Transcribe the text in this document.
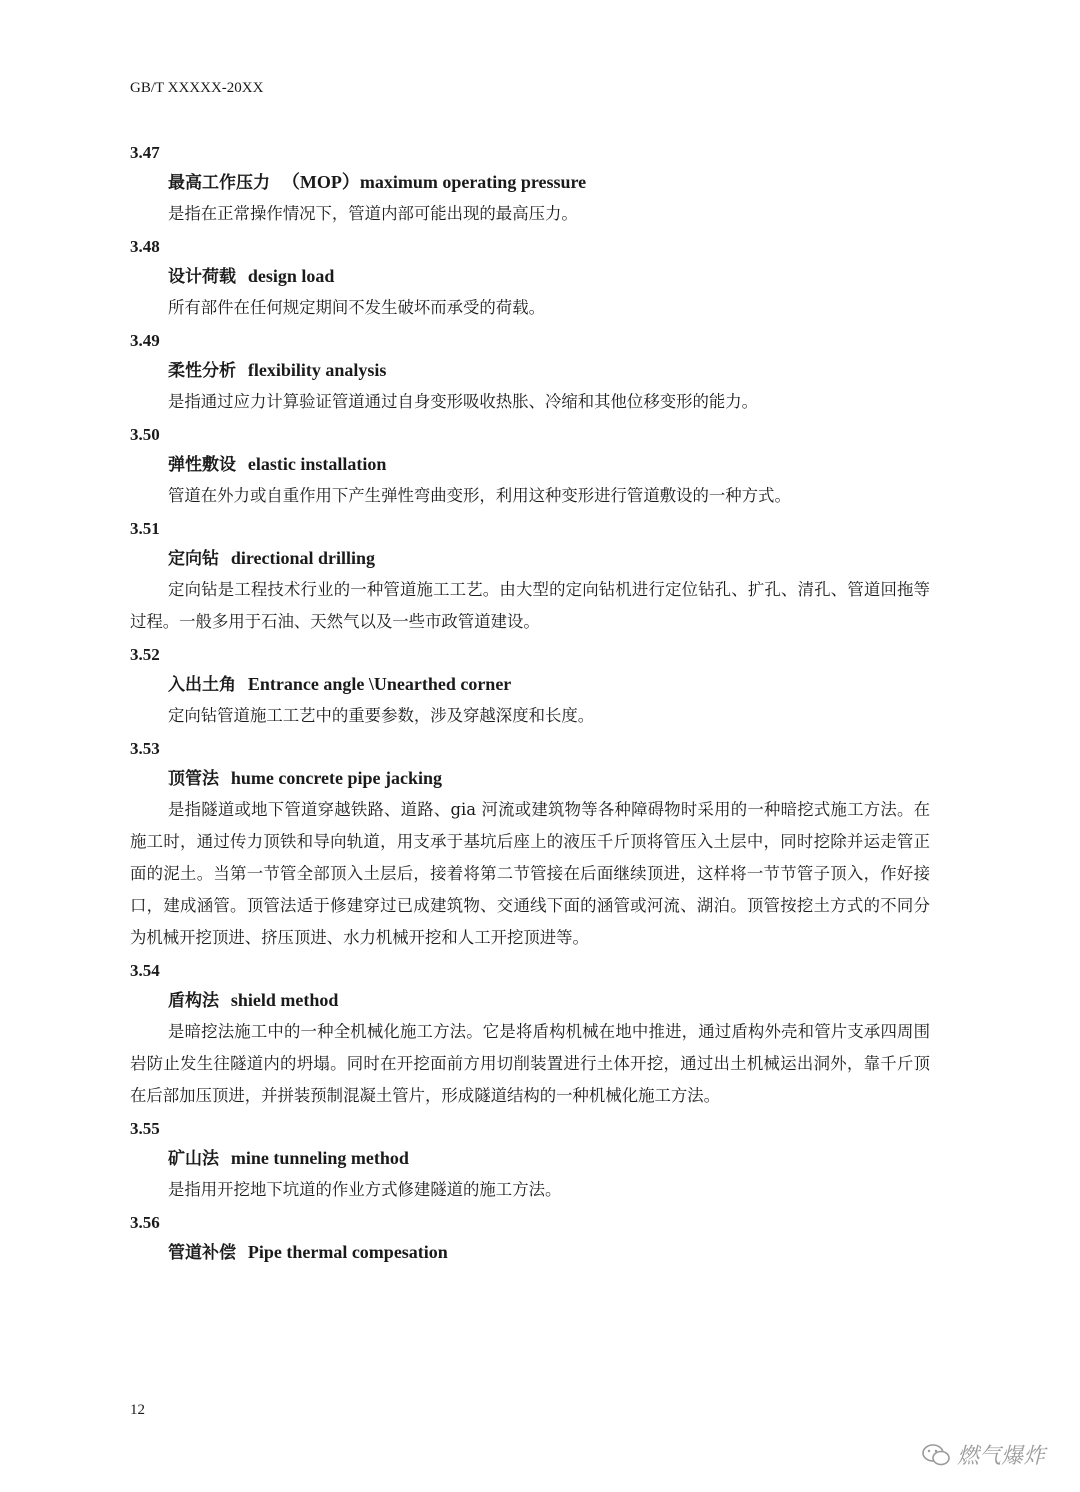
GB/T XXXXX-20XX
3.47
最高工作压力 （MOP）maximum operating pressure

是指在正常操作情况下，管道内部可能出现的最高压力。

3.48
设计荷载 design load

所有部件在任何规定期间不发生破坏而承受的荷载。

3.49
柔性分析 flexibility analysis

是指通过应力计算验证管道通过自身变形吸收热胀、冷缩和其他位移变形的能力。

3.50
弹性敷设 elastic installation

管道在外力或自重作用下产生弹性弯曲变形，利用这种变形进行管道敷设的一种方式。

3.51
定向钻 directional drilling

定向钻是工程技术行业的一种管道施工工艺。由大型的定向钻机进行定位钻孔、扩孔、清孔、管道回拖等过程。一般多用于石油、天然气以及一些市政管道建设。

3.52
入出土角 Entrance angle \Unearthed corner

定向钻管道施工工艺中的重要参数，涉及穿越深度和长度。

3.53
顶管法 hume concrete pipe jacking

是指隧道或地下管道穿越铁路、道路、gia 河流或建筑物等各种障碍物时采用的一种暗挖式施工方法。在施工时，通过传力顶铁和导向轨道，用支承于基坑后座上的液压千斤顶将管压入土层中，同时挖除并运走管正面的泥土。当第一节管全部顶入土层后，接着将第二节管接在后面继续顶进，这样将一节节管子顶入，作好接口，建成涵管。顶管法适于修建穿过已成建筑物、交通线下面的涵管或河流、湖泊。顶管按挖土方式的不同分为机械开挖顶进、挤压顶进、水力机械开挖和人工开挖顶进等。

3.54
盾构法 shield method

是暗挖法施工中的一种全机械化施工方法。它是将盾构机械在地中推进，通过盾构外壳和管片支承四周围岩防止发生往隧道内的坍塌。同时在开挖面前方用切削装置进行土体开挖，通过出土机械运出洞外，靠千斤顶在后部加压顶进，并拼装预制混凝土管片，形成隧道结构的一种机械化施工方法。

3.55
矿山法 mine tunneling method

是指用开挖地下坑道的作业方式修建隧道的施工方法。

3.56
管道补偿 Pipe thermal compesation
12
燃气爆炸
